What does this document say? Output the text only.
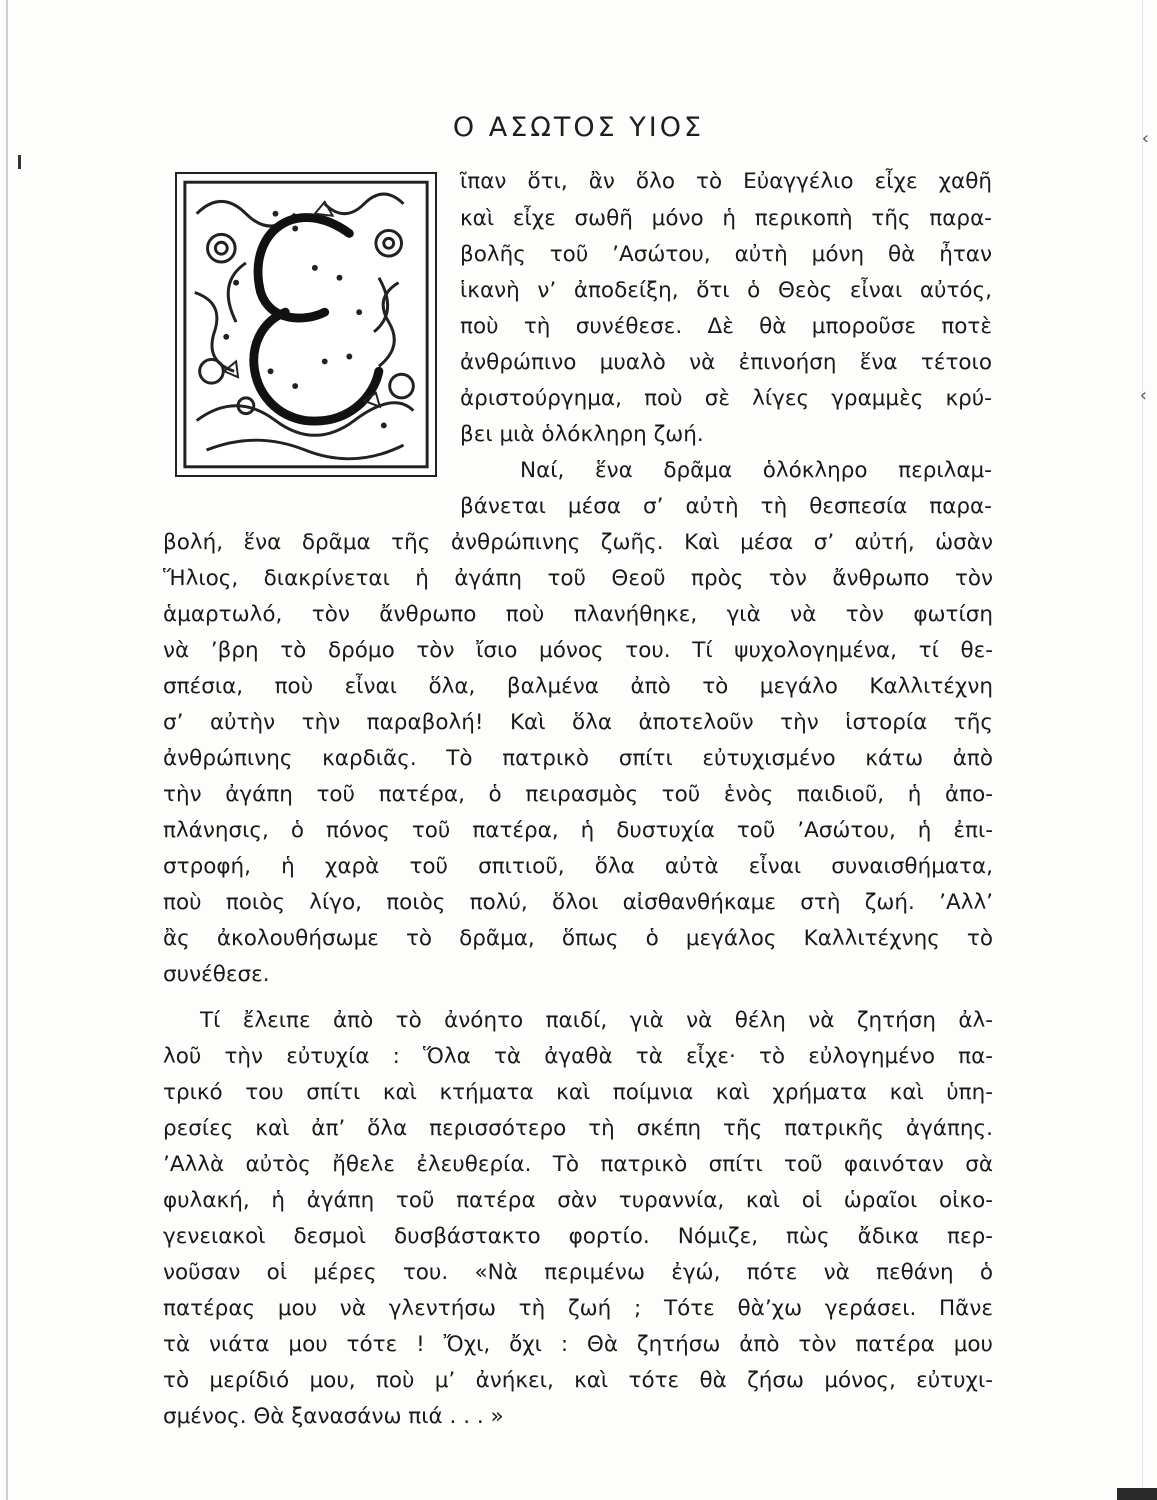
‹
‹
Ο ΑΣΩΤΟΣ ΥΙΟΣ
ῖπαν ὅτι, ἂν ὅλο τὸ Εὐαγγέλιο εἶχε χαθῆ
καὶ εἶχε σωθῆ μόνο ἡ περικοπὴ τῆς παρα-
βολῆς τοῦ ’Ασώτου, αὐτὴ μόνη θὰ ἦταν
ἱκανὴ ν’ ἀποδείξη, ὅτι ὁ Θεὸς εἶναι αὐτός,
ποὺ τὴ συνέθεσε. Δὲ θὰ μποροῦσε ποτὲ
ἀνθρώπινο μυαλὸ νὰ ἐπινοήση ἕνα τέτοιο
ἀριστούργημα, ποὺ σὲ λίγες γραμμὲς κρύ-
βει μιὰ ὁλόκληρη ζωή.
Ναί, ἕνα δρᾶμα ὁλόκληρο περιλαμ-
βάνεται μέσα σ’ αὐτὴ τὴ θεσπεσία παρα-
βολή, ἕνα δρᾶμα τῆς ἀνθρώπινης ζωῆς. Καὶ μέσα σ’ αὐτή, ὡσὰν
Ἥλιος, διακρίνεται ἡ ἀγάπη τοῦ Θεοῦ πρὸς τὸν ἄνθρωπο τὸν
ἁμαρτωλό, τὸν ἄνθρωπο ποὺ πλανήθηκε, γιὰ νὰ τὸν φωτίση
νὰ ’βρη τὸ δρόμο τὸν ἴσιο μόνος του. Τί ψυχολογημένα, τί θε-
σπέσια, ποὺ εἶναι ὅλα, βαλμένα ἀπὸ τὸ μεγάλο Καλλιτέχνη
σ’ αὐτὴν τὴν παραβολή! Καὶ ὅλα ἀποτελοῦν τὴν ἱστορία τῆς
ἀνθρώπινης καρδιᾶς. Τὸ πατρικὸ σπίτι εὐτυχισμένο κάτω ἀπὸ
τὴν ἀγάπη τοῦ πατέρα, ὁ πειρασμὸς τοῦ ἑνὸς παιδιοῦ, ἡ ἀπο-
πλάνησις, ὁ πόνος τοῦ πατέρα, ἡ δυστυχία τοῦ ’Ασώτου, ἡ ἐπι-
στροφή, ἡ χαρὰ τοῦ σπιτιοῦ, ὅλα αὐτὰ εἶναι συναισθήματα,
ποὺ ποιὸς λίγο, ποιὸς πολύ, ὅλοι αἰσθανθήκαμε στὴ ζωή. ’Αλλ’
ἂς ἀκολουθήσωμε τὸ δρᾶμα, ὅπως ὁ μεγάλος Καλλιτέχνης τὸ
συνέθεσε.
Τί ἔλειπε ἀπὸ τὸ ἀνόητο παιδί, γιὰ νὰ θέλη νὰ ζητήση ἀλ-
λοῦ τὴν εὐτυχία : Ὅλα τὰ ἀγαθὰ τὰ εἶχε· τὸ εὐλογημένο πα-
τρικό του σπίτι καὶ κτήματα καὶ ποίμνια καὶ χρήματα καὶ ὑπη-
ρεσίες καὶ ἀπ’ ὅλα περισσότερο τὴ σκέπη τῆς πατρικῆς ἀγάπης.
’Αλλὰ αὐτὸς ἤθελε ἐλευθερία. Τὸ πατρικὸ σπίτι τοῦ φαινόταν σὰ
φυλακή, ἡ ἀγάπη τοῦ πατέρα σὰν τυραννία, καὶ οἱ ὡραῖοι οἰκο-
γενειακοὶ δεσμοὶ δυσβάστακτο φορτίο. Νόμιζε, πὼς ἄδικα περ-
νοῦσαν οἱ μέρες του. «Νὰ περιμένω ἐγώ, πότε νὰ πεθάνη ὁ
πατέρας μου νὰ γλεντήσω τὴ ζωή ; Τότε θὰ’χω γεράσει. Πᾶνε
τὰ νιάτα μου τότε ! Ὄχι, ὄχι : Θὰ ζητήσω ἀπὸ τὸν πατέρα μου
τὸ μερίδιό μου, ποὺ μ’ ἀνήκει, καὶ τότε θὰ ζήσω μόνος, εὐτυχι-
σμένος. Θὰ ξανασάνω πιά . . . »
